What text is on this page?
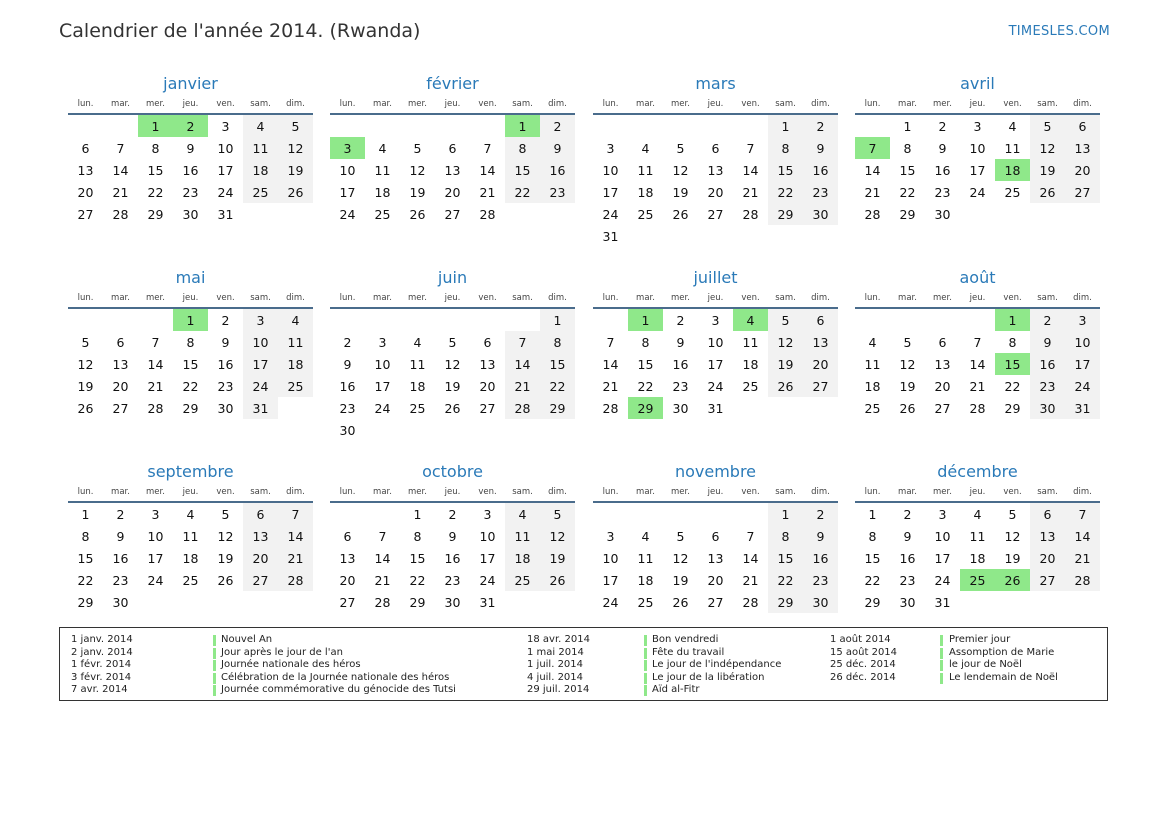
Calendrier de l'année 2014. (Rwanda)	TIMESLES.COM
janvier
lun.	mar.	mer.	jeu.	ven.	sam.	dim.
		1	2	3	4	5
6	7	8	9	10	11	12
13	14	15	16	17	18	19
20	21	22	23	24	25	26
27	28	29	30	31		
février
lun.	mar.	mer.	jeu.	ven.	sam.	dim.
					1	2
3	4	5	6	7	8	9
10	11	12	13	14	15	16
17	18	19	20	21	22	23
24	25	26	27	28		
mars
lun.	mar.	mer.	jeu.	ven.	sam.	dim.
					1	2
3	4	5	6	7	8	9
10	11	12	13	14	15	16
17	18	19	20	21	22	23
24	25	26	27	28	29	30
31						
avril
lun.	mar.	mer.	jeu.	ven.	sam.	dim.
	1	2	3	4	5	6
7	8	9	10	11	12	13
14	15	16	17	18	19	20
21	22	23	24	25	26	27
28	29	30				
mai
lun.	mar.	mer.	jeu.	ven.	sam.	dim.
			1	2	3	4
5	6	7	8	9	10	11
12	13	14	15	16	17	18
19	20	21	22	23	24	25
26	27	28	29	30	31	
juin
lun.	mar.	mer.	jeu.	ven.	sam.	dim.
						1
2	3	4	5	6	7	8
9	10	11	12	13	14	15
16	17	18	19	20	21	22
23	24	25	26	27	28	29
30						
juillet
lun.	mar.	mer.	jeu.	ven.	sam.	dim.
	1	2	3	4	5	6
7	8	9	10	11	12	13
14	15	16	17	18	19	20
21	22	23	24	25	26	27
28	29	30	31			
août
lun.	mar.	mer.	jeu.	ven.	sam.	dim.
				1	2	3
4	5	6	7	8	9	10
11	12	13	14	15	16	17
18	19	20	21	22	23	24
25	26	27	28	29	30	31
septembre
lun.	mar.	mer.	jeu.	ven.	sam.	dim.
1	2	3	4	5	6	7
8	9	10	11	12	13	14
15	16	17	18	19	20	21
22	23	24	25	26	27	28
29	30					
octobre
lun.	mar.	mer.	jeu.	ven.	sam.	dim.
		1	2	3	4	5
6	7	8	9	10	11	12
13	14	15	16	17	18	19
20	21	22	23	24	25	26
27	28	29	30	31		
novembre
lun.	mar.	mer.	jeu.	ven.	sam.	dim.
					1	2
3	4	5	6	7	8	9
10	11	12	13	14	15	16
17	18	19	20	21	22	23
24	25	26	27	28	29	30
décembre
lun.	mar.	mer.	jeu.	ven.	sam.	dim.
1	2	3	4	5	6	7
8	9	10	11	12	13	14
15	16	17	18	19	20	21
22	23	24	25	26	27	28
29	30	31				
1 janv. 2014	Nouvel An
2 janv. 2014	Jour après le jour de l'an
1 févr. 2014	Journée nationale des héros
3 févr. 2014	Célébration de la Journée nationale des héros
7 avr. 2014	Journée commémorative du génocide des Tutsi
18 avr. 2014	Bon vendredi
1 mai 2014	Fête du travail
1 juil. 2014	Le jour de l'indépendance
4 juil. 2014	Le jour de la libération
29 juil. 2014	Aïd al-Fitr
1 août 2014	Premier jour
15 août 2014	Assomption de Marie
25 déc. 2014	le jour de Noël
26 déc. 2014	Le lendemain de Noël
